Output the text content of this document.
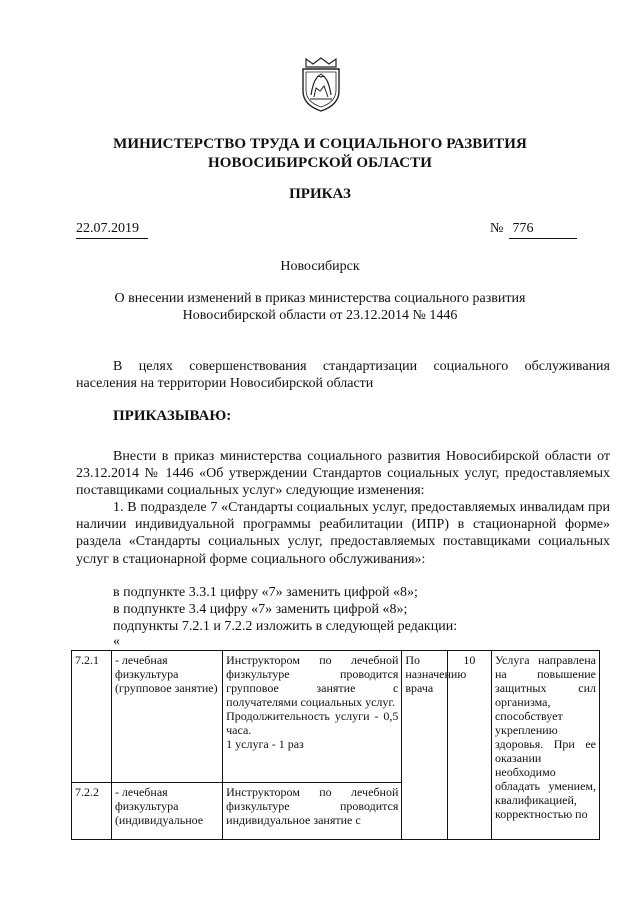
МИНИСТЕРСТВО ТРУДА И СОЦИАЛЬНОГО РАЗВИТИЯ
НОВОСИБИРСКОЙ ОБЛАСТИ
ПРИКАЗ
22.07.2019	№ 776
Новосибирск
О внесении изменений в приказ министерства социального развития
Новосибирской области от 23.12.2014 № 1446
В целях совершенствования стандартизации социального обслуживания населения на территории Новосибирской области
ПРИКАЗЫВАЮ:
Внести в приказ министерства социального развития Новосибирской области от 23.12.2014 № 1446 «Об утверждении Стандартов социальных услуг, предоставляемых поставщиками социальных услуг» следующие изменения:
1. В подразделе 7 «Стандарты социальных услуг, предоставляемых инвалидам при наличии индивидуальной программы реабилитации (ИПР) в стационарной форме» раздела «Стандарты социальных услуг, предоставляемых поставщиками социальных услуг в стационарной форме социального обслуживания»:
в подпункте 3.3.1 цифру «7» заменить цифрой «8»;
в подпункте 3.4 цифру «7» заменить цифрой «8»;
подпункты 7.2.1 и 7.2.2 изложить в следующей редакции:
«
7.2.1	- лечебная физкультура (групповое занятие)	Инструктором по лечебной физкультуре проводится групповое занятие с получателями социальных услуг.
Продолжительность услуги - 0,5 часа.
1 услуга - 1 раз	По назначению врача	10	Услуга направлена на повышение защитных сил организма, способствует укреплению здоровья. При ее оказании необходимо обладать умением, квалификацией, корректностью по
7.2.2	- лечебная физкультура (индивидуальное	Инструктором по лечебной физкультуре проводится индивидуальное занятие с			
